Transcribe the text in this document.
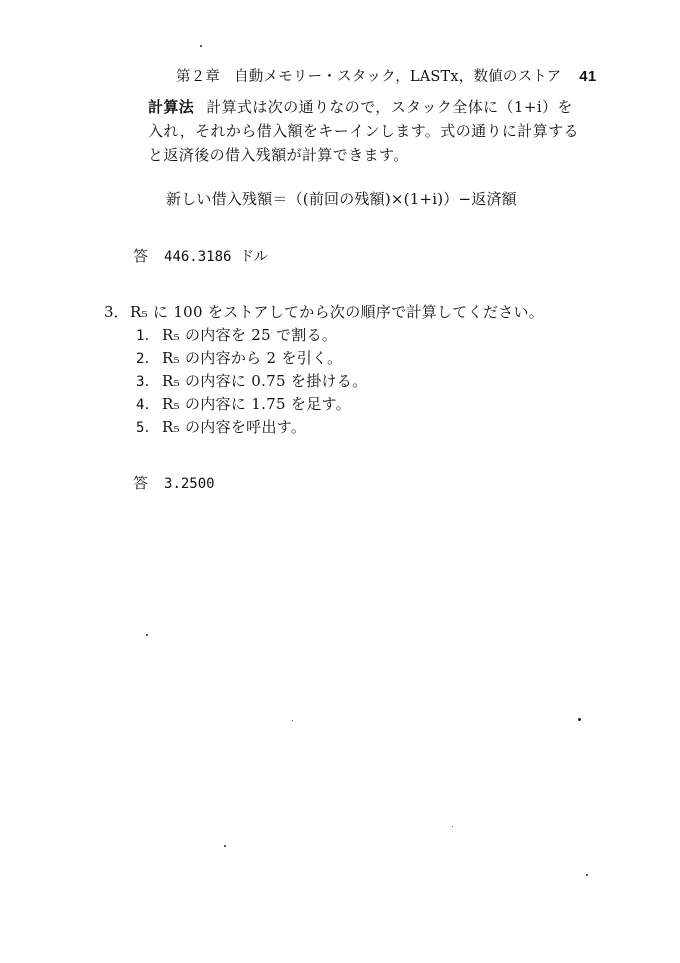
第２章 自動メモリー・スタック，LASTx，数値のストア 41
計算法 計算式は次の通りなので，スタック全体に（1+i）を
入れ，それから借入額をキーインします。式の通りに計算する
と返済後の借入残額が計算できます。
新しい借入残額＝（(前回の残額)×(1+i)）−返済額
答 446.3186 ドル
3． R₅ に 100 をストアしてから次の順序で計算してください。
1． R₅ の内容を 25 で割る。
2． R₅ の内容から 2 を引く。
3． R₅ の内容に 0.75 を掛ける。
4． R₅ の内容に 1.75 を足す。
5． R₅ の内容を呼出す。
答 3.2500
